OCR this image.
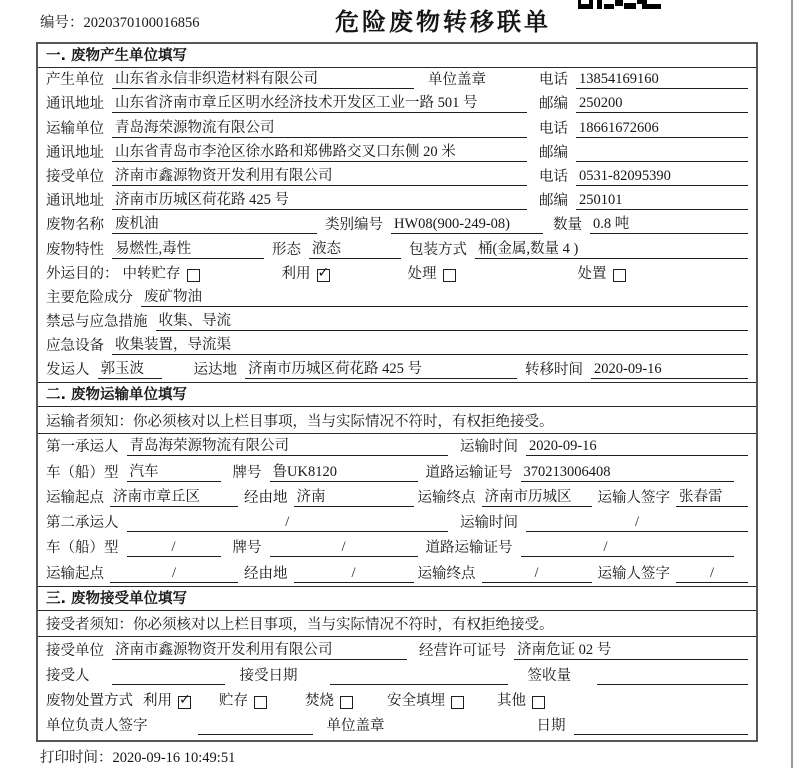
编号：2020370100016856	危险废物转移联单
一. 废物产生单位填写
产生单位 山东省永信非织造材料有限公司	单位盖章	电话 13854169160
通讯地址 山东省济南市章丘区明水经济技术开发区工业一路 501 号	邮编 250200
运输单位 青岛海荣源物流有限公司	电话 18661672606
通讯地址 山东省青岛市李沧区徐水路和郑佛路交叉口东侧 20 米	邮编
接受单位 济南市鑫源物资开发利用有限公司	电话 0531-82095390
通讯地址 济南市历城区荷花路 425 号	邮编 250101
废物名称 废机油	类别编号 HW08(900-249-08)	数量 0.8 吨
废物特性 易燃性,毒性	形态 液态	包装方式 桶(金属,数量 4 )
外运目的： 中转贮存	利用 ✓	处理	处置
主要危险成分 废矿物油
禁忌与应急措施 收集、导流
应急设备 收集装置，导流渠
发运人 郭玉波	运达地 济南市历城区荷花路 425 号	转移时间 2020-09-16
二. 废物运输单位填写
运输者须知：你必须核对以上栏目事项，当与实际情况不符时，有权拒绝接受。
第一承运人 青岛海荣源物流有限公司	运输时间 2020-09-16
车（船）型 汽车	牌号 鲁UK8120	道路运输证号 370213006408
运输起点 济南市章丘区	经由地 济南	运输终点 济南市历城区	运输人签字 张春雷
第二承运人	/	运输时间	/
车（船）型	/	牌号	/	道路运输证号	/
运输起点	/	经由地	/	运输终点	/	运输人签字	/
三. 废物接受单位填写
接受者须知：你必须核对以上栏目事项，当与实际情况不符时，有权拒绝接受。
接受单位 济南市鑫源物资开发利用有限公司	经营许可证号 济南危证 02 号
接受人	接受日期	签收量
废物处置方式 利用 ✓ 贮存	焚烧	安全填埋	其他
单位负责人签字	单位盖章	日期
打印时间：2020-09-16 10:49:51
